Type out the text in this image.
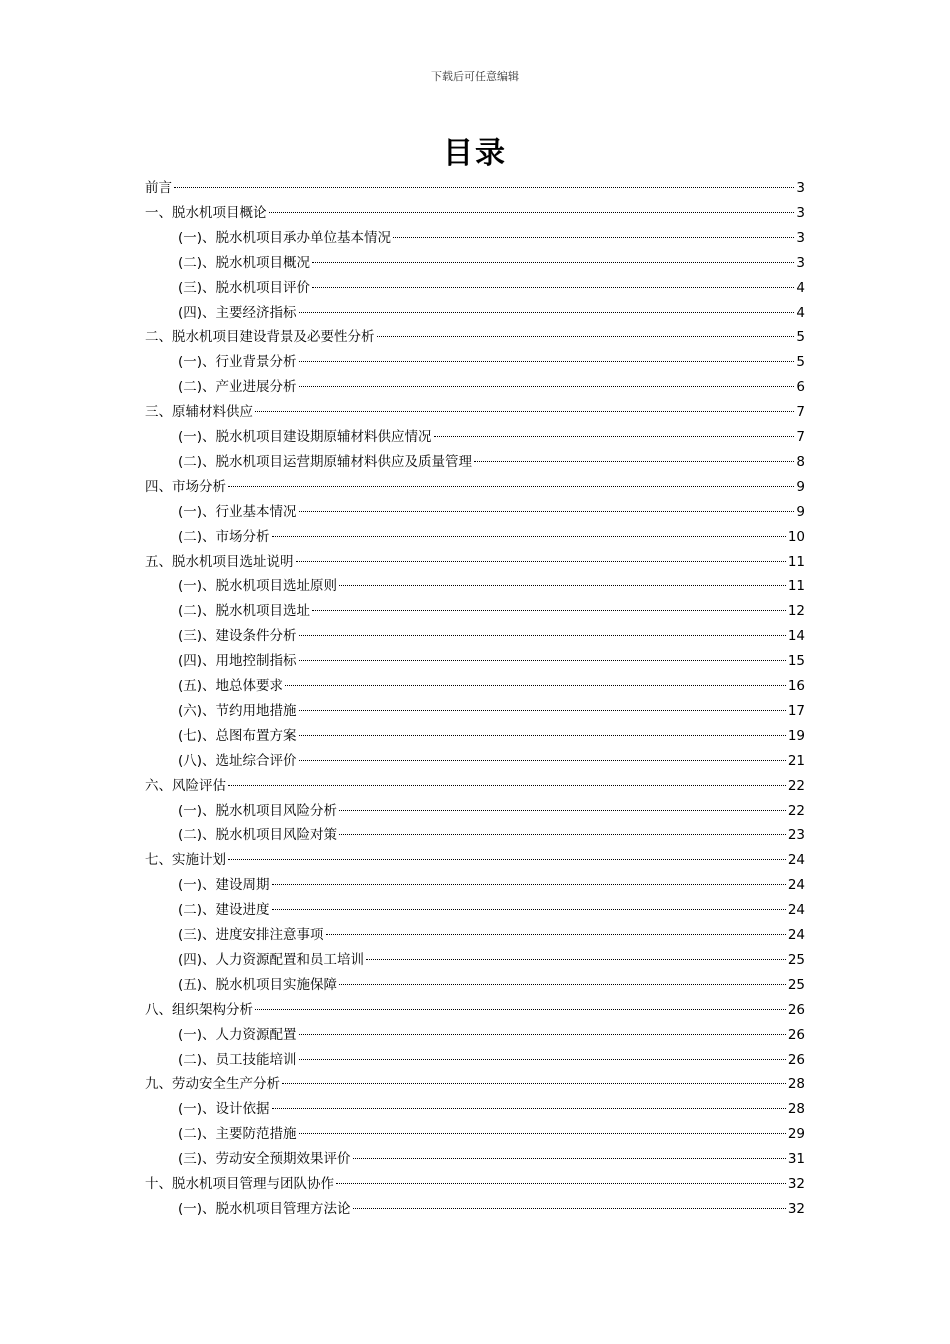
下载后可任意编辑
目录
前言	3
一、脱水机项目概论	3
(一)、脱水机项目承办单位基本情况	3
(二)、脱水机项目概况	3
(三)、脱水机项目评价	4
(四)、主要经济指标	4
二、脱水机项目建设背景及必要性分析	5
(一)、行业背景分析	5
(二)、产业进展分析	6
三、原辅材料供应	7
(一)、脱水机项目建设期原辅材料供应情况	7
(二)、脱水机项目运营期原辅材料供应及质量管理	8
四、市场分析	9
(一)、行业基本情况	9
(二)、市场分析	10
五、脱水机项目选址说明	11
(一)、脱水机项目选址原则	11
(二)、脱水机项目选址	12
(三)、建设条件分析	14
(四)、用地控制指标	15
(五)、地总体要求	16
(六)、节约用地措施	17
(七)、总图布置方案	19
(八)、选址综合评价	21
六、风险评估	22
(一)、脱水机项目风险分析	22
(二)、脱水机项目风险对策	23
七、实施计划	24
(一)、建设周期	24
(二)、建设进度	24
(三)、进度安排注意事项	24
(四)、人力资源配置和员工培训	25
(五)、脱水机项目实施保障	25
八、组织架构分析	26
(一)、人力资源配置	26
(二)、员工技能培训	26
九、劳动安全生产分析	28
(一)、设计依据	28
(二)、主要防范措施	29
(三)、劳动安全预期效果评价	31
十、脱水机项目管理与团队协作	32
(一)、脱水机项目管理方法论	32
